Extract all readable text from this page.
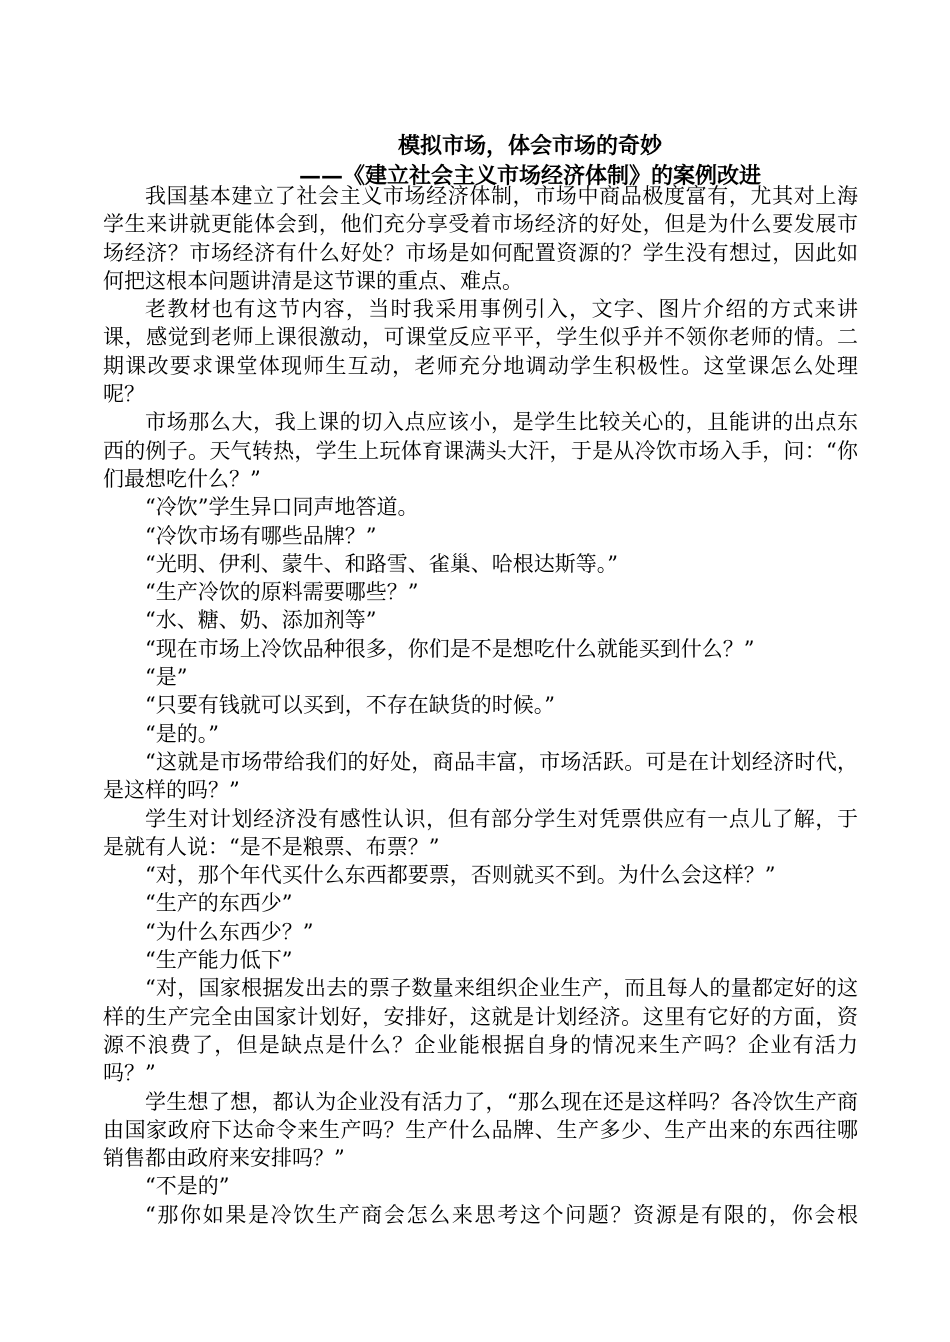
模拟市场，体会市场的奇妙
——《建立社会主义市场经济体制》的案例改进

我国基本建立了社会主义市场经济体制，市场中商品极度富有，尤其对上海学生来讲就更能体会到，他们充分享受着市场经济的好处，但是为什么要发展市场经济？市场经济有什么好处？市场是如何配置资源的？学生没有想过，因此如何把这根本问题讲清是这节课的重点、难点。

老教材也有这节内容，当时我采用事例引入，文字、图片介绍的方式来讲课，感觉到老师上课很激动，可课堂反应平平，学生似乎并不领你老师的情。二期课改要求课堂体现师生互动，老师充分地调动学生积极性。这堂课怎么处理呢？

市场那么大，我上课的切入点应该小，是学生比较关心的，且能讲的出点东西的例子。天气转热，学生上玩体育课满头大汗，于是从冷饮市场入手，问：“你们最想吃什么？”

“冷饮”学生异口同声地答道。

“冷饮市场有哪些品牌？”

“光明、伊利、蒙牛、和路雪、雀巢、哈根达斯等。”

“生产冷饮的原料需要哪些？”

“水、糖、奶、添加剂等”

“现在市场上冷饮品种很多，你们是不是想吃什么就能买到什么？”

“是”

“只要有钱就可以买到，不存在缺货的时候。”

“是的。”

“这就是市场带给我们的好处，商品丰富，市场活跃。可是在计划经济时代，是这样的吗？”

学生对计划经济没有感性认识，但有部分学生对凭票供应有一点儿了解，于是就有人说：“是不是粮票、布票？”

“对，那个年代买什么东西都要票，否则就买不到。为什么会这样？”

“生产的东西少”

“为什么东西少？”

“生产能力低下”

“对，国家根据发出去的票子数量来组织企业生产，而且每人的量都定好的这样的生产完全由国家计划好，安排好，这就是计划经济。这里有它好的方面，资源不浪费了，但是缺点是什么？企业能根据自身的情况来生产吗？企业有活力吗？”

学生想了想，都认为企业没有活力了，“那么现在还是这样吗？各冷饮生产商由国家政府下达命令来生产吗？生产什么品牌、生产多少、生产出来的东西往哪销售都由政府来安排吗？”

“不是的”

“那你如果是冷饮生产商会怎么来思考这个问题？资源是有限的，你会根
